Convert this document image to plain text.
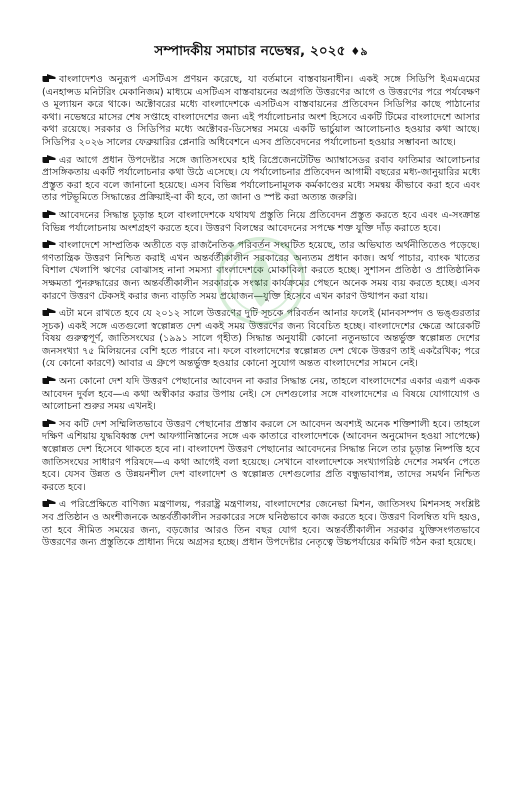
সম্পাদকীয় সমাচার নভেম্বর, ২০২৫ ♦৯

বাংলাদেশও অনুরূপ এসটিএস প্রণয়ন করেছে, যা বর্তমানে বাস্তবায়নাধীন। একই সঙ্গে সিডিপি ইএমএমের (এনহান্সড মনিটরিং মেকানিজম) মাধ্যমে এসটিএস বাস্তবায়নের অগ্রগতি উত্তরণের আগে ও উত্তরণের পরে পর্যবেক্ষণ ও মূল্যায়ন করে থাকে। অক্টোবরের মধ্যে বাংলাদেশকে এসটিএস বাস্তবায়নের প্রতিবেদন সিডিপির কাছে পাঠানোর কথা। নভেম্বরে মাসের শেষ সপ্তাহে বাংলাদেশের জন্য এই পর্যালোচনার অংশ হিসেবে একটি টিমের বাংলাদেশে আসার কথা রয়েছে। সরকার ও সিডিপির মধ্যে অক্টোবর-ডিসেম্বর সময়ে একটি ভার্চুয়াল আলোচনাও হওয়ার কথা আছে। সিডিপির ২০২৬ সালের ফেব্রুয়ারির প্লেনারি অধিবেশনে এসব প্রতিবেদনের পর্যালোচনা হওয়ার সম্ভাবনা আছে।

এর আগে প্রধান উপদেষ্টার সঙ্গে জাতিসংঘের হাই রিপ্রেজেনটেটিভ অ্যাম্বাসেডর রবাব ফাতিমার আলোচনার প্রাসঙ্গিকতায় একটি পর্যালোচনার কথা উঠে এসেছে। যে পর্যালোচনার প্রতিবেদন আগামী বছরের মধ্য-জানুয়ারির মধ্যে প্রস্তুত করা হবে বলে জানানো হয়েছে। এসব বিভিন্ন পর্যালোচনামূলক কর্মকাণ্ডের মধ্যে সমন্বয় কীভাবে করা হবে এবং তার পটভূমিতে সিদ্ধান্তের প্রক্রিয়াই-বা কী হবে, তা জানা ও স্পষ্ট করা অত্যন্ত জরুরি।

আবেদনের সিদ্ধান্ত চূড়ান্ত হলে বাংলাদেশকে যথাযথ প্রস্তুতি নিয়ে প্রতিবেদন প্রস্তুত করতে হবে এবং এ-সংক্রান্ত বিভিন্ন পর্যালোচনায় অংশগ্রহণ করতে হবে। উত্তরণ বিলম্বের আবেদনের সপক্ষে শক্ত যুক্তি দাঁড় করাতে হবে।

বাংলাদেশে সাম্প্রতিক অতীতে বড় রাজনৈতিক পরিবর্তন সংঘটিত হয়েছে, তার অভিঘাত অর্থনীতিতেও পড়েছে। গণতান্ত্রিক উত্তরণ নিশ্চিত করাই এখন অন্তর্বর্তীকালীন সরকারের অন্যতম প্রধান কাজ। অর্থ পাচার, ব্যাংক খাতের বিশাল খেলাপি ঋণের বোঝাসহ নানা সমস্যা বাংলাদেশকে মোকাবিলা করতে হচ্ছে। সুশাসন প্রতিষ্ঠা ও প্রাতিষ্ঠানিক সক্ষমতা পুনরুদ্ধারের জন্য অন্তর্বর্তীকালীন সরকারকে সংস্কার কার্যক্রমের পেছনে অনেক সময় ব্যয় করতে হচ্ছে। এসব কারণে উত্তরণ টেকসই করার জন্য বাড়তি সময় প্রয়োজন—যুক্তি হিসেবে এখন কারণ উত্থাপন করা যায়।

এটা মনে রাখতে হবে যে ২০১২ সালে উত্তরণের দুটি সূচকে পরিবর্তন আনার ফলেই (মানবসম্পদ ও ভঙ্গুরতার সূচক) একই সঙ্গে এতগুলো স্বল্পোন্নত দেশ একই সময় উত্তরণের জন্য বিবেচিত হচ্ছে। বাংলাদেশের ক্ষেত্রে আরেকটি বিষয় গুরুত্বপূর্ণ, জাতিসংঘের (১৯৯১ সালে গৃহীত) সিদ্ধান্ত অনুযায়ী কোনো নতুনভাবে অন্তর্ভুক্ত স্বল্পোন্নত দেশের জনসংখ্যা ৭৫ মিলিয়নের বেশি হতে পারবে না। ফলে বাংলাদেশের স্বল্পোন্নত দেশ থেকে উত্তরণ তাই একরৈখিক; পরে (যে কোনো কারণে) আবার এ গ্রুপে অন্তর্ভুক্ত হওয়ার কোনো সুযোগ অন্তত বাংলাদেশের সামনে নেই।

অন্য কোনো দেশ যদি উত্তরণ পেছানোর আবেদন না করার সিদ্ধান্ত নেয়, তাহলে বাংলাদেশের একার এরূপ একক আবেদন দুর্বল হবে—এ কথা অস্বীকার করার উপায় নেই। সে দেশগুলোর সঙ্গে বাংলাদেশের এ বিষয়ে যোগাযোগ ও আলোচনা শুরুর সময় এখনই।

সব কটি দেশ সম্মিলিতভাবে উত্তরণ পেছানোর প্রস্তাব করলে সে আবেদন অবশ্যই অনেক শক্তিশালী হবে। তাহলে দক্ষিণ এশিয়ায় যুদ্ধবিধ্বস্ত দেশ আফগানিস্তানের সঙ্গে এক কাতারে বাংলাদেশকে (আবেদন অনুমোদন হওয়া সাপেক্ষে) স্বল্পোন্নত দেশ হিসেবে থাকতে হবে না। বাংলাদেশ উত্তরণ পেছানোর আবেদনের সিদ্ধান্ত নিলে তার চূড়ান্ত নিষ্পত্তি হবে জাতিসংঘের সাধারণ পরিষদে—এ কথা আগেই বলা হয়েছে। সেখানে বাংলাদেশকে সংখ্যাগরিষ্ঠ দেশের সমর্থন পেতে হবে। যেসব উন্নত ও উন্নয়নশীল দেশ বাংলাদেশ ও স্বল্পোন্নত দেশগুলোর প্রতি বন্ধুভাবাপন্ন, তাদের সমর্থন নিশ্চিত করতে হবে।

এ পরিপ্রেক্ষিতে বাণিজ্য মন্ত্রণালয়, পররাষ্ট্র মন্ত্রণালয়, বাংলাদেশের জেনেভা মিশন, জাতিসংঘ মিশনসহ সংশ্লিষ্ট সব প্রতিষ্ঠান ও অংশীজনকে অন্তর্বর্তীকালীন সরকারের সঙ্গে ঘনিষ্ঠভাবে কাজ করতে হবে। উত্তরণ বিলম্বিত যদি হয়ও, তা হবে সীমিত সময়ের জন্য, বড়জোর আরও তিন বছর যোগ হবে। অন্তর্বর্তীকালীন সরকার যুক্তিসংগতভাবে উত্তরণের জন্য প্রস্তুতিকে প্রাধান্য দিয়ে অগ্রসর হচ্ছে। প্রধান উপদেষ্টার নেতৃত্বে উচ্চপর্যায়ের কমিটি গঠন করা হয়েছে।
